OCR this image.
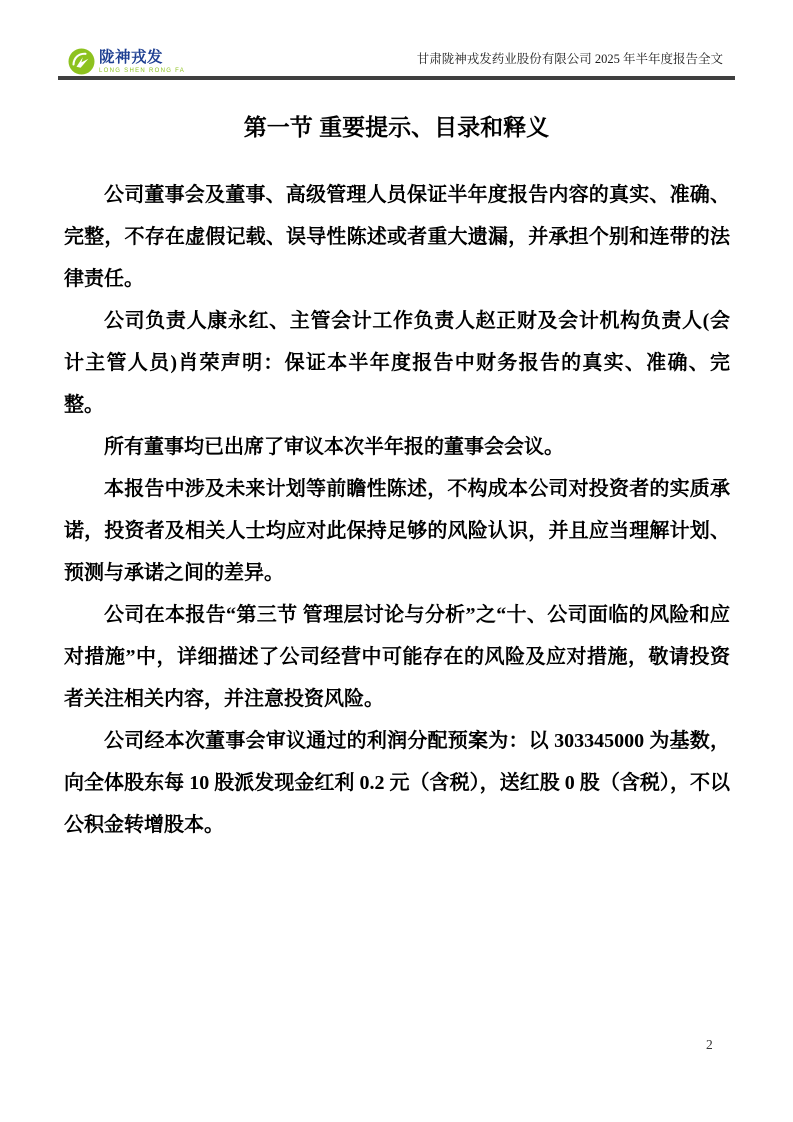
陇神戎发
LONG SHEN RONG FA
甘肃陇神戎发药业股份有限公司 2025 年半年度报告全文
第一节 重要提示、目录和释义

公司董事会及董事、高级管理人员保证半年度报告内容的真实、准确、完整，不存在虚假记载、误导性陈述或者重大遗漏，并承担个别和连带的法律责任。

公司负责人康永红、主管会计工作负责人赵正财及会计机构负责人(会计主管人员)肖荣声明：保证本半年度报告中财务报告的真实、准确、完整。

所有董事均已出席了审议本次半年报的董事会会议。

本报告中涉及未来计划等前瞻性陈述，不构成本公司对投资者的实质承诺，投资者及相关人士均应对此保持足够的风险认识，并且应当理解计划、预测与承诺之间的差异。

公司在本报告“第三节 管理层讨论与分析”之“十、公司面临的风险和应对措施”中，详细描述了公司经营中可能存在的风险及应对措施，敬请投资者关注相关内容，并注意投资风险。

公司经本次董事会审议通过的利润分配预案为：以 303345000 为基数，向全体股东每 10 股派发现金红利 0.2 元（含税），送红股 0 股（含税），不以公积金转增股本。

2
